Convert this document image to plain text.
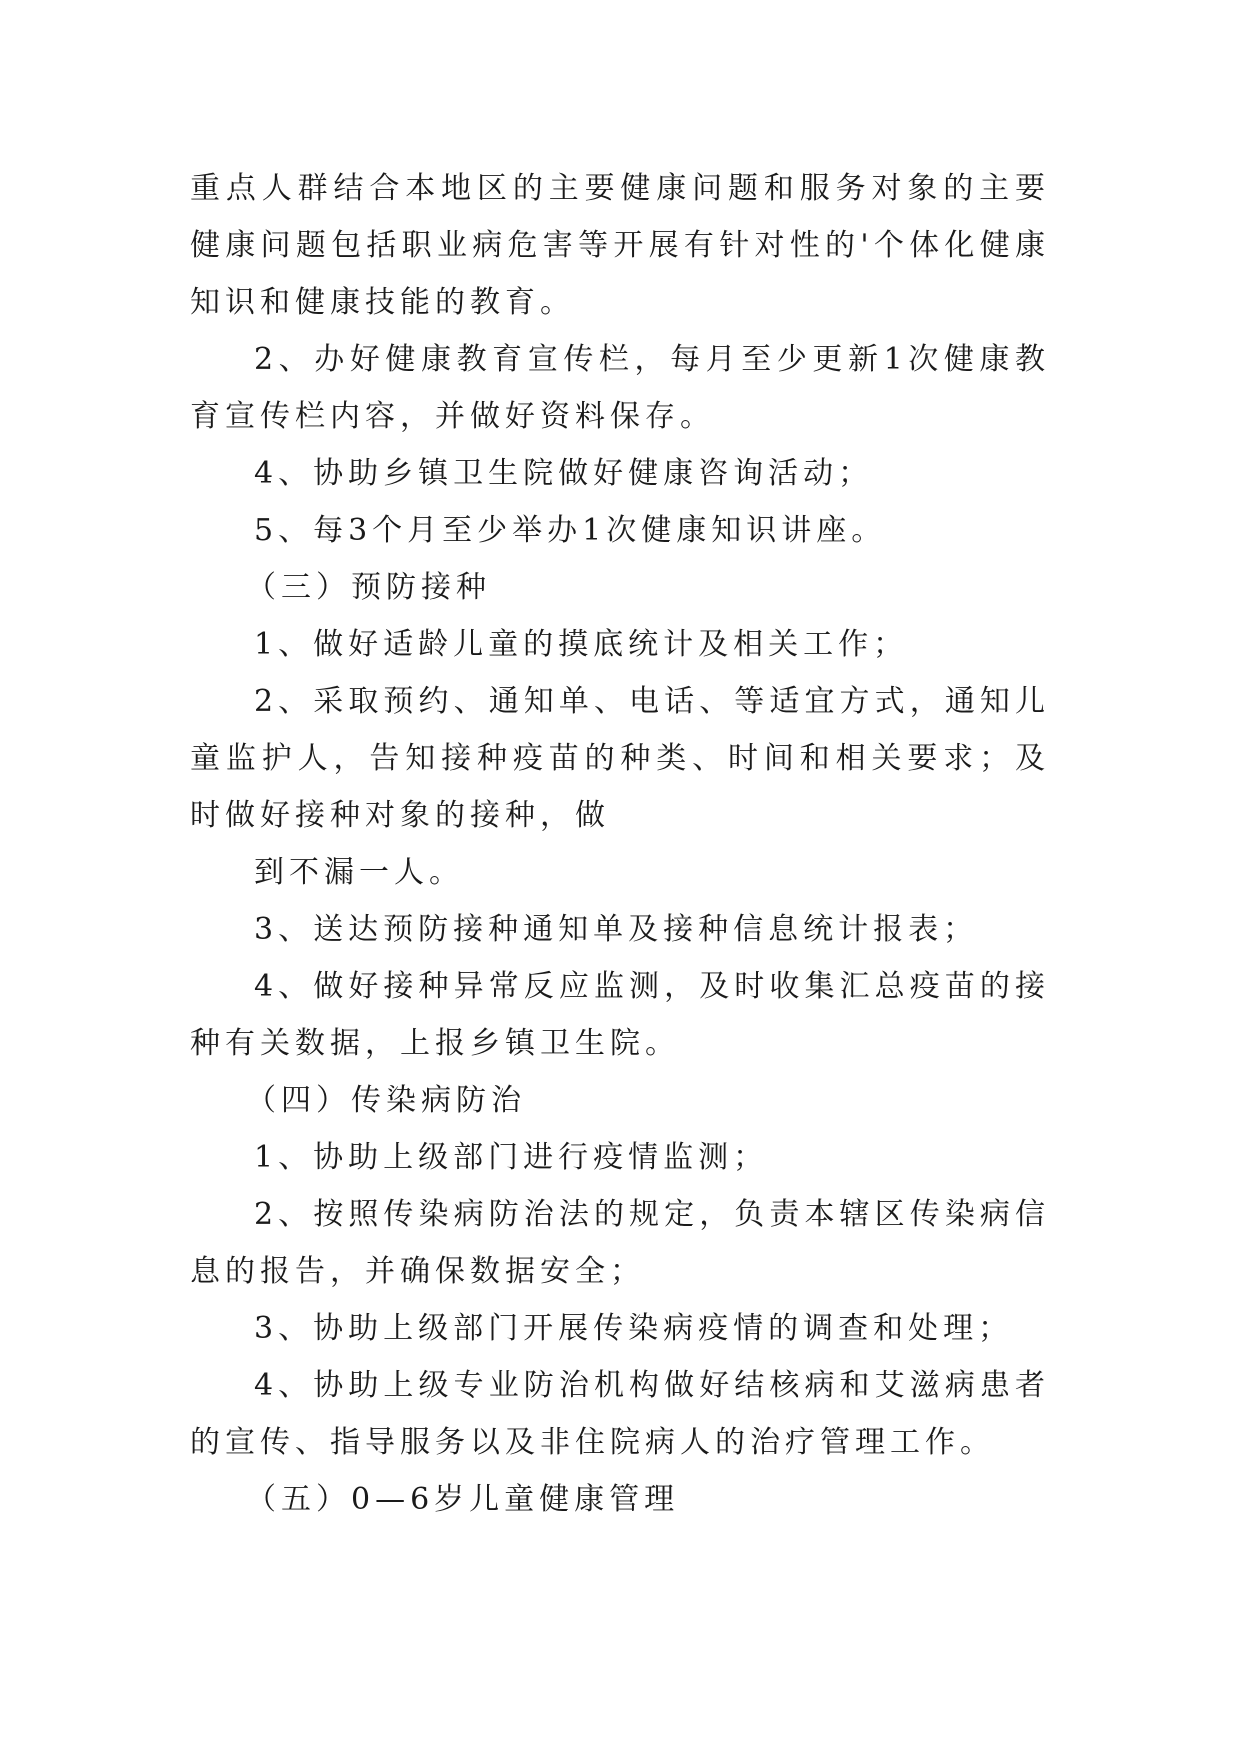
重点人群结合本地区的主要健康问题和服务对象的主要健康问题包括职业病危害等开展有针对性的'个体化健康知识和健康技能的教育。

2、办好健康教育宣传栏，每月至少更新1次健康教育宣传栏内容，并做好资料保存。

4、协助乡镇卫生院做好健康咨询活动；

5、每3个月至少举办1次健康知识讲座。

（三）预防接种

1、做好适龄儿童的摸底统计及相关工作；

2、采取预约、通知单、电话、等适宜方式，通知儿童监护人，告知接种疫苗的种类、时间和相关要求；及时做好接种对象的接种，做

到不漏一人。

3、送达预防接种通知单及接种信息统计报表；

4、做好接种异常反应监测，及时收集汇总疫苗的接种有关数据，上报乡镇卫生院。

（四）传染病防治

1、协助上级部门进行疫情监测；

2、按照传染病防治法的规定，负责本辖区传染病信息的报告，并确保数据安全；

3、协助上级部门开展传染病疫情的调查和处理；

4、协助上级专业防治机构做好结核病和艾滋病患者的宣传、指导服务以及非住院病人的治疗管理工作。

（五）0—6岁儿童健康管理
